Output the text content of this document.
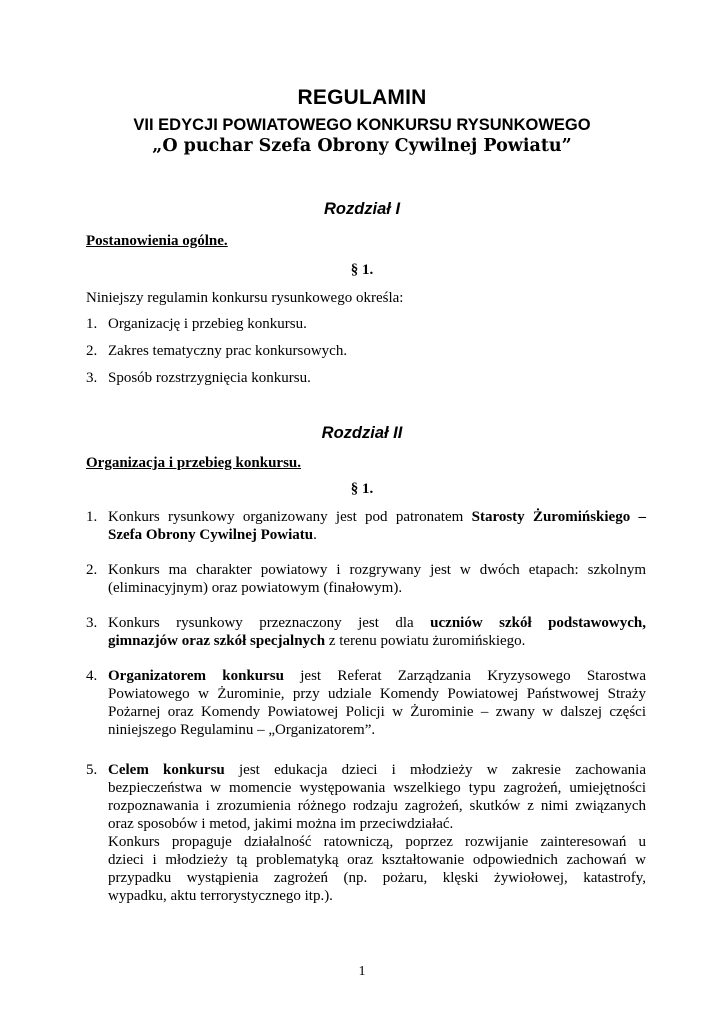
REGULAMIN

VII EDYCJI POWIATOWEGO KONKURSU RYSUNKOWEGO

„O puchar Szefa Obrony Cywilnej Powiatu”

Rozdział I

Postanowienia ogólne.

§ 1.

Niniejszy regulamin konkursu rysunkowego określa:

1. Organizację i przebieg konkursu.
2. Zakres tematyczny prac konkursowych.
3. Sposób rozstrzygnięcia konkursu.

Rozdział II

Organizacja i przebieg konkursu.

§ 1.

1. Konkurs rysunkowy organizowany jest pod patronatem Starosty Żuromińskiego –
Szefa Obrony Cywilnej Powiatu.
2. Konkurs ma charakter powiatowy i rozgrywany jest w dwóch etapach: szkolnym
(eliminacyjnym) oraz powiatowym (finałowym).
3. Konkurs rysunkowy przeznaczony jest dla uczniów szkół podstawowych,
gimnazjów oraz szkół specjalnych z terenu powiatu żuromińskiego.
4. Organizatorem konkursu jest Referat Zarządzania Kryzysowego Starostwa
Powiatowego w Żurominie, przy udziale Komendy Powiatowej Państwowej Straży
Pożarnej oraz Komendy Powiatowej Policji w Żurominie – zwany w dalszej części
niniejszego Regulaminu – „Organizatorem”.
5. Celem konkursu jest edukacja dzieci i młodzieży w zakresie zachowania
bezpieczeństwa w momencie występowania wszelkiego typu zagrożeń, umiejętności
rozpoznawania i zrozumienia różnego rodzaju zagrożeń, skutków z nimi związanych
oraz sposobów i metod, jakimi można im przeciwdziałać.
Konkurs propaguje działalność ratowniczą, poprzez rozwijanie zainteresowań u
dzieci i młodzieży tą problematyką oraz kształtowanie odpowiednich zachowań w
przypadku wystąpienia zagrożeń (np. pożaru, klęski żywiołowej, katastrofy,
wypadku, aktu terrorystycznego itp.).

1
